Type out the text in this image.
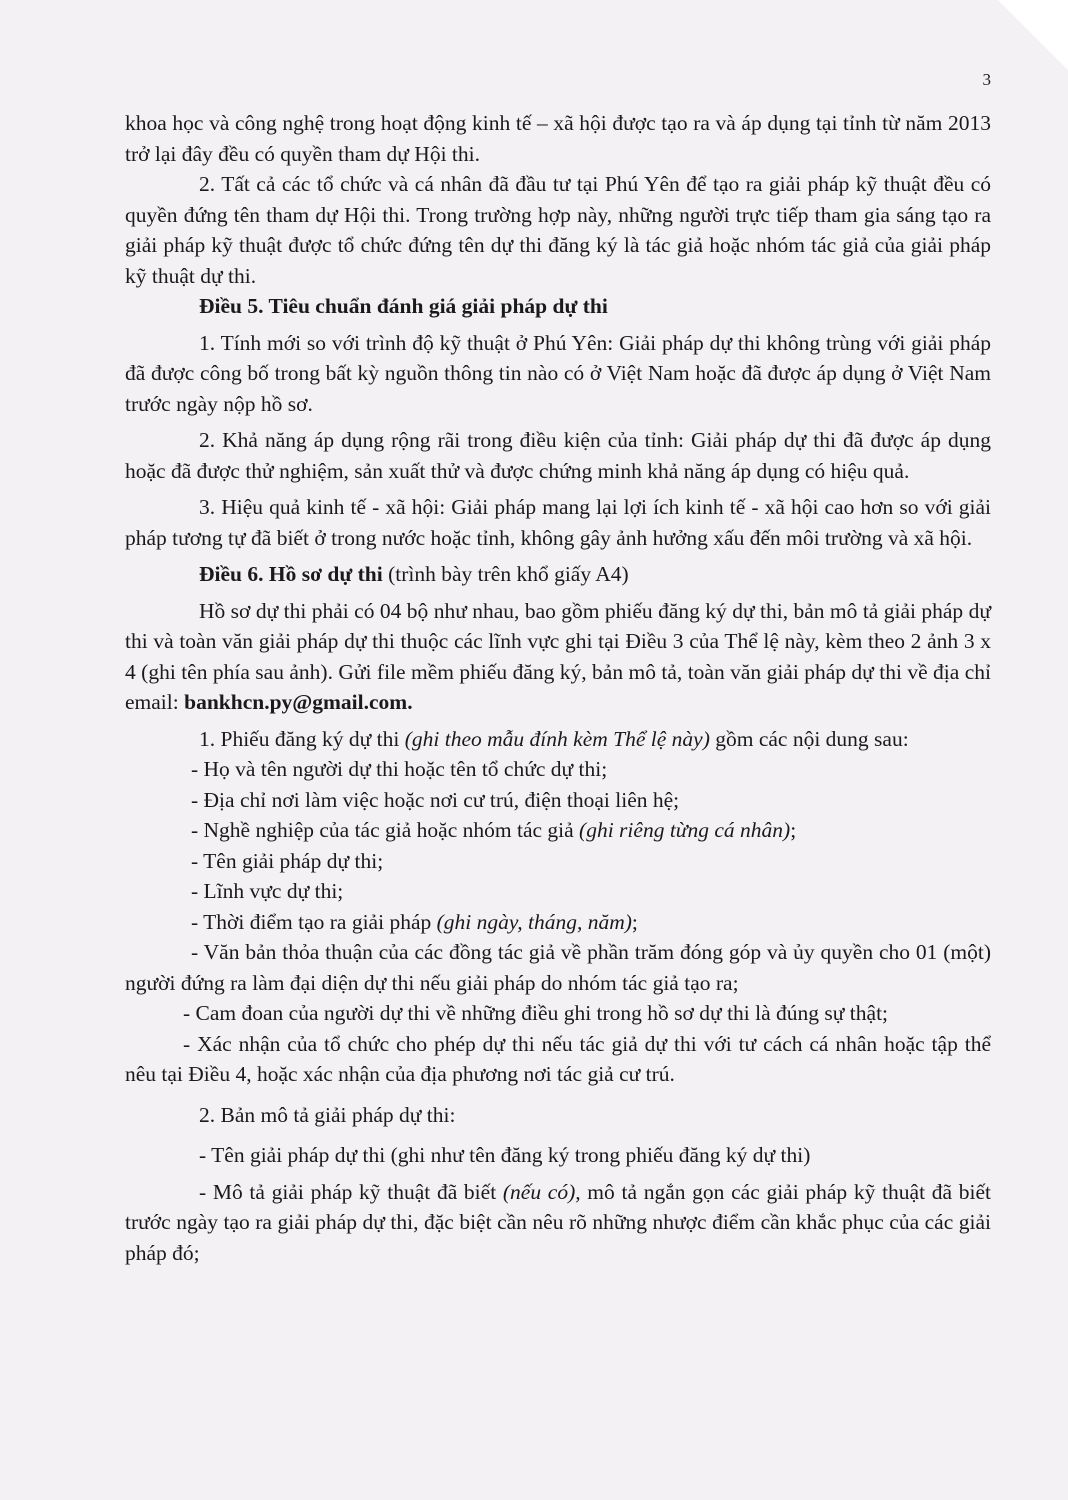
3

khoa học và công nghệ trong hoạt động kinh tế – xã hội được tạo ra và áp dụng tại tỉnh từ năm 2013 trở lại đây đều có quyền tham dự Hội thi.

2. Tất cả các tổ chức và cá nhân đã đầu tư tại Phú Yên để tạo ra giải pháp kỹ thuật đều có quyền đứng tên tham dự Hội thi. Trong trường hợp này, những người trực tiếp tham gia sáng tạo ra giải pháp kỹ thuật được tổ chức đứng tên dự thi đăng ký là tác giả hoặc nhóm tác giả của giải pháp kỹ thuật dự thi.

Điều 5. Tiêu chuẩn đánh giá giải pháp dự thi

1. Tính mới so với trình độ kỹ thuật ở Phú Yên: Giải pháp dự thi không trùng với giải pháp đã được công bố trong bất kỳ nguồn thông tin nào có ở Việt Nam hoặc đã được áp dụng ở Việt Nam trước ngày nộp hồ sơ.

2. Khả năng áp dụng rộng rãi trong điều kiện của tỉnh: Giải pháp dự thi đã được áp dụng hoặc đã được thử nghiệm, sản xuất thử và được chứng minh khả năng áp dụng có hiệu quả.

3. Hiệu quả kinh tế - xã hội: Giải pháp mang lại lợi ích kinh tế - xã hội cao hơn so với giải pháp tương tự đã biết ở trong nước hoặc tỉnh, không gây ảnh hưởng xấu đến môi trường và xã hội.

Điều 6. Hồ sơ dự thi (trình bày trên khổ giấy A4)

Hồ sơ dự thi phải có 04 bộ như nhau, bao gồm phiếu đăng ký dự thi, bản mô tả giải pháp dự thi và toàn văn giải pháp dự thi thuộc các lĩnh vực ghi tại Điều 3 của Thể lệ này, kèm theo 2 ảnh 3 x 4 (ghi tên phía sau ảnh). Gửi file mềm phiếu đăng ký, bản mô tả, toàn văn giải pháp dự thi về địa chỉ email: bankhcn.py@gmail.com.

1. Phiếu đăng ký dự thi (ghi theo mẫu đính kèm Thể lệ này) gồm các nội dung sau:

- Họ và tên người dự thi hoặc tên tổ chức dự thi;

- Địa chỉ nơi làm việc hoặc nơi cư trú, điện thoại liên hệ;

- Nghề nghiệp của tác giả hoặc nhóm tác giả (ghi riêng từng cá nhân);

- Tên giải pháp dự thi;

- Lĩnh vực dự thi;

- Thời điểm tạo ra giải pháp (ghi ngày, tháng, năm);

- Văn bản thỏa thuận của các đồng tác giả về phần trăm đóng góp và ủy quyền cho 01 (một) người đứng ra làm đại diện dự thi nếu giải pháp do nhóm tác giả tạo ra;

- Cam đoan của người dự thi về những điều ghi trong hồ sơ dự thi là đúng sự thật;

- Xác nhận của tổ chức cho phép dự thi nếu tác giả dự thi với tư cách cá nhân hoặc tập thể nêu tại Điều 4, hoặc xác nhận của địa phương nơi tác giả cư trú.

2. Bản mô tả giải pháp dự thi:

- Tên giải pháp dự thi (ghi như tên đăng ký trong phiếu đăng ký dự thi)

- Mô tả giải pháp kỹ thuật đã biết (nếu có), mô tả ngắn gọn các giải pháp kỹ thuật đã biết trước ngày tạo ra giải pháp dự thi, đặc biệt cần nêu rõ những nhược điểm cần khắc phục của các giải pháp đó;
